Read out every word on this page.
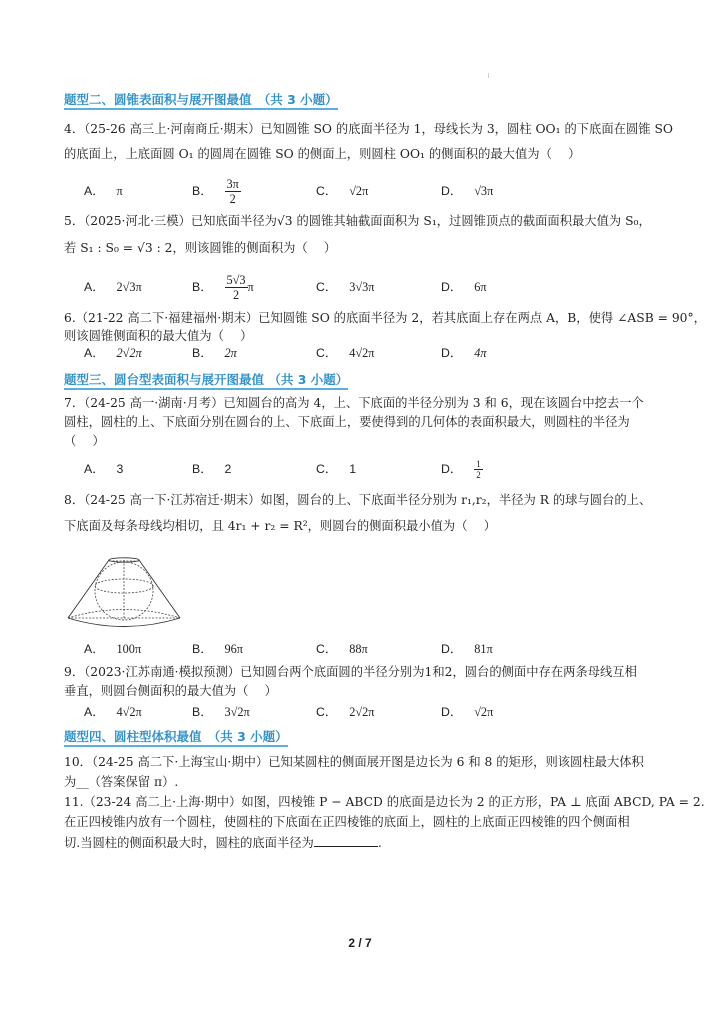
题型二、圆锥表面积与展开图最值　（共 3 小题）
4．（25-26 高三上·河南商丘·期末）已知圆锥 SO 的底面半径为 1，母线长为 3，圆柱 OO₁ 的下底面在圆锥 SO
的底面上，上底面圆 O₁ 的圆周在圆锥 SO 的侧面上，则圆柱 OO₁ 的侧面积的最大值为（　 ）
A． π	B． $\frac{3\pi}{2}$	C． √2π	D． √3π
5．（2025·河北·三模）已知底面半径为√3 的圆锥其轴截面面积为 S₁，过圆锥顶点的截面面积最大值为 S₀，
若 S₁ : S₀ = √3 : 2，则该圆锥的侧面积为（　 ）
A． 2√3π	B． $\frac{5√3}{2}$ π	C． 3√3π	D． 6π
6.（21-22 高二下·福建福州·期末）已知圆锥 SO 的底面半径为 2，若其底面上存在两点 A，B，使得 ∠ASB = 90°，
则该圆锥侧面积的最大值为（　 ）
A． 2√2π	B． 2π	C． 4√2π	D． 4π
题型三、圆台型表面积与展开图最值 （共 3 小题）
7．（24-25 高一·湖南·月考）已知圆台的高为 4，上、下底面的半径分别为 3 和 6，现在该圆台中挖去一个
圆柱，圆柱的上、下底面分别在圆台的上、下底面上，要使得到的几何体的表面积最大，则圆柱的半径为
（　 ）
A． 3	B． 2	C． 1	D． $\frac{1}{2}$
8．（24-25 高一下·江苏宿迁·期末）如图，圆台的上、下底面半径分别为 r₁,r₂，半径为 R 的球与圆台的上、
下底面及每条母线均相切，且 4r₁ + r₂ = R²，则圆台的侧面积最小值为（　 ）
A． 100π	B． 96π	C． 88π	D． 81π
9．（2023·江苏南通·模拟预测）已知圆台两个底面圆的半径分别为1和2，圆台的侧面中存在两条母线互相
垂直，则圆台侧面积的最大值为（　 ）
A． 4√2π	B． 3√2π	C． 2√2π	D． √2π
题型四、圆柱型体积最值　（共 3 小题）
10．（24-25 高二下·上海宝山·期中）已知某圆柱的侧面展开图是边长为 6 和 8 的矩形，则该圆柱最大体积
为__（答案保留 π）.
11.（23-24 高二上·上海·期中）如图，四棱锥 P − ABCD 的底面是边长为 2 的正方形，PA ⊥ 底面 ABCD, PA = 2.
在正四棱锥内放有一个圆柱，使圆柱的下底面在正四棱锥的底面上，圆柱的上底面正四棱锥的四个侧面相
切.当圆柱的侧面积最大时，圆柱的底面半径为	.
2 / 7
